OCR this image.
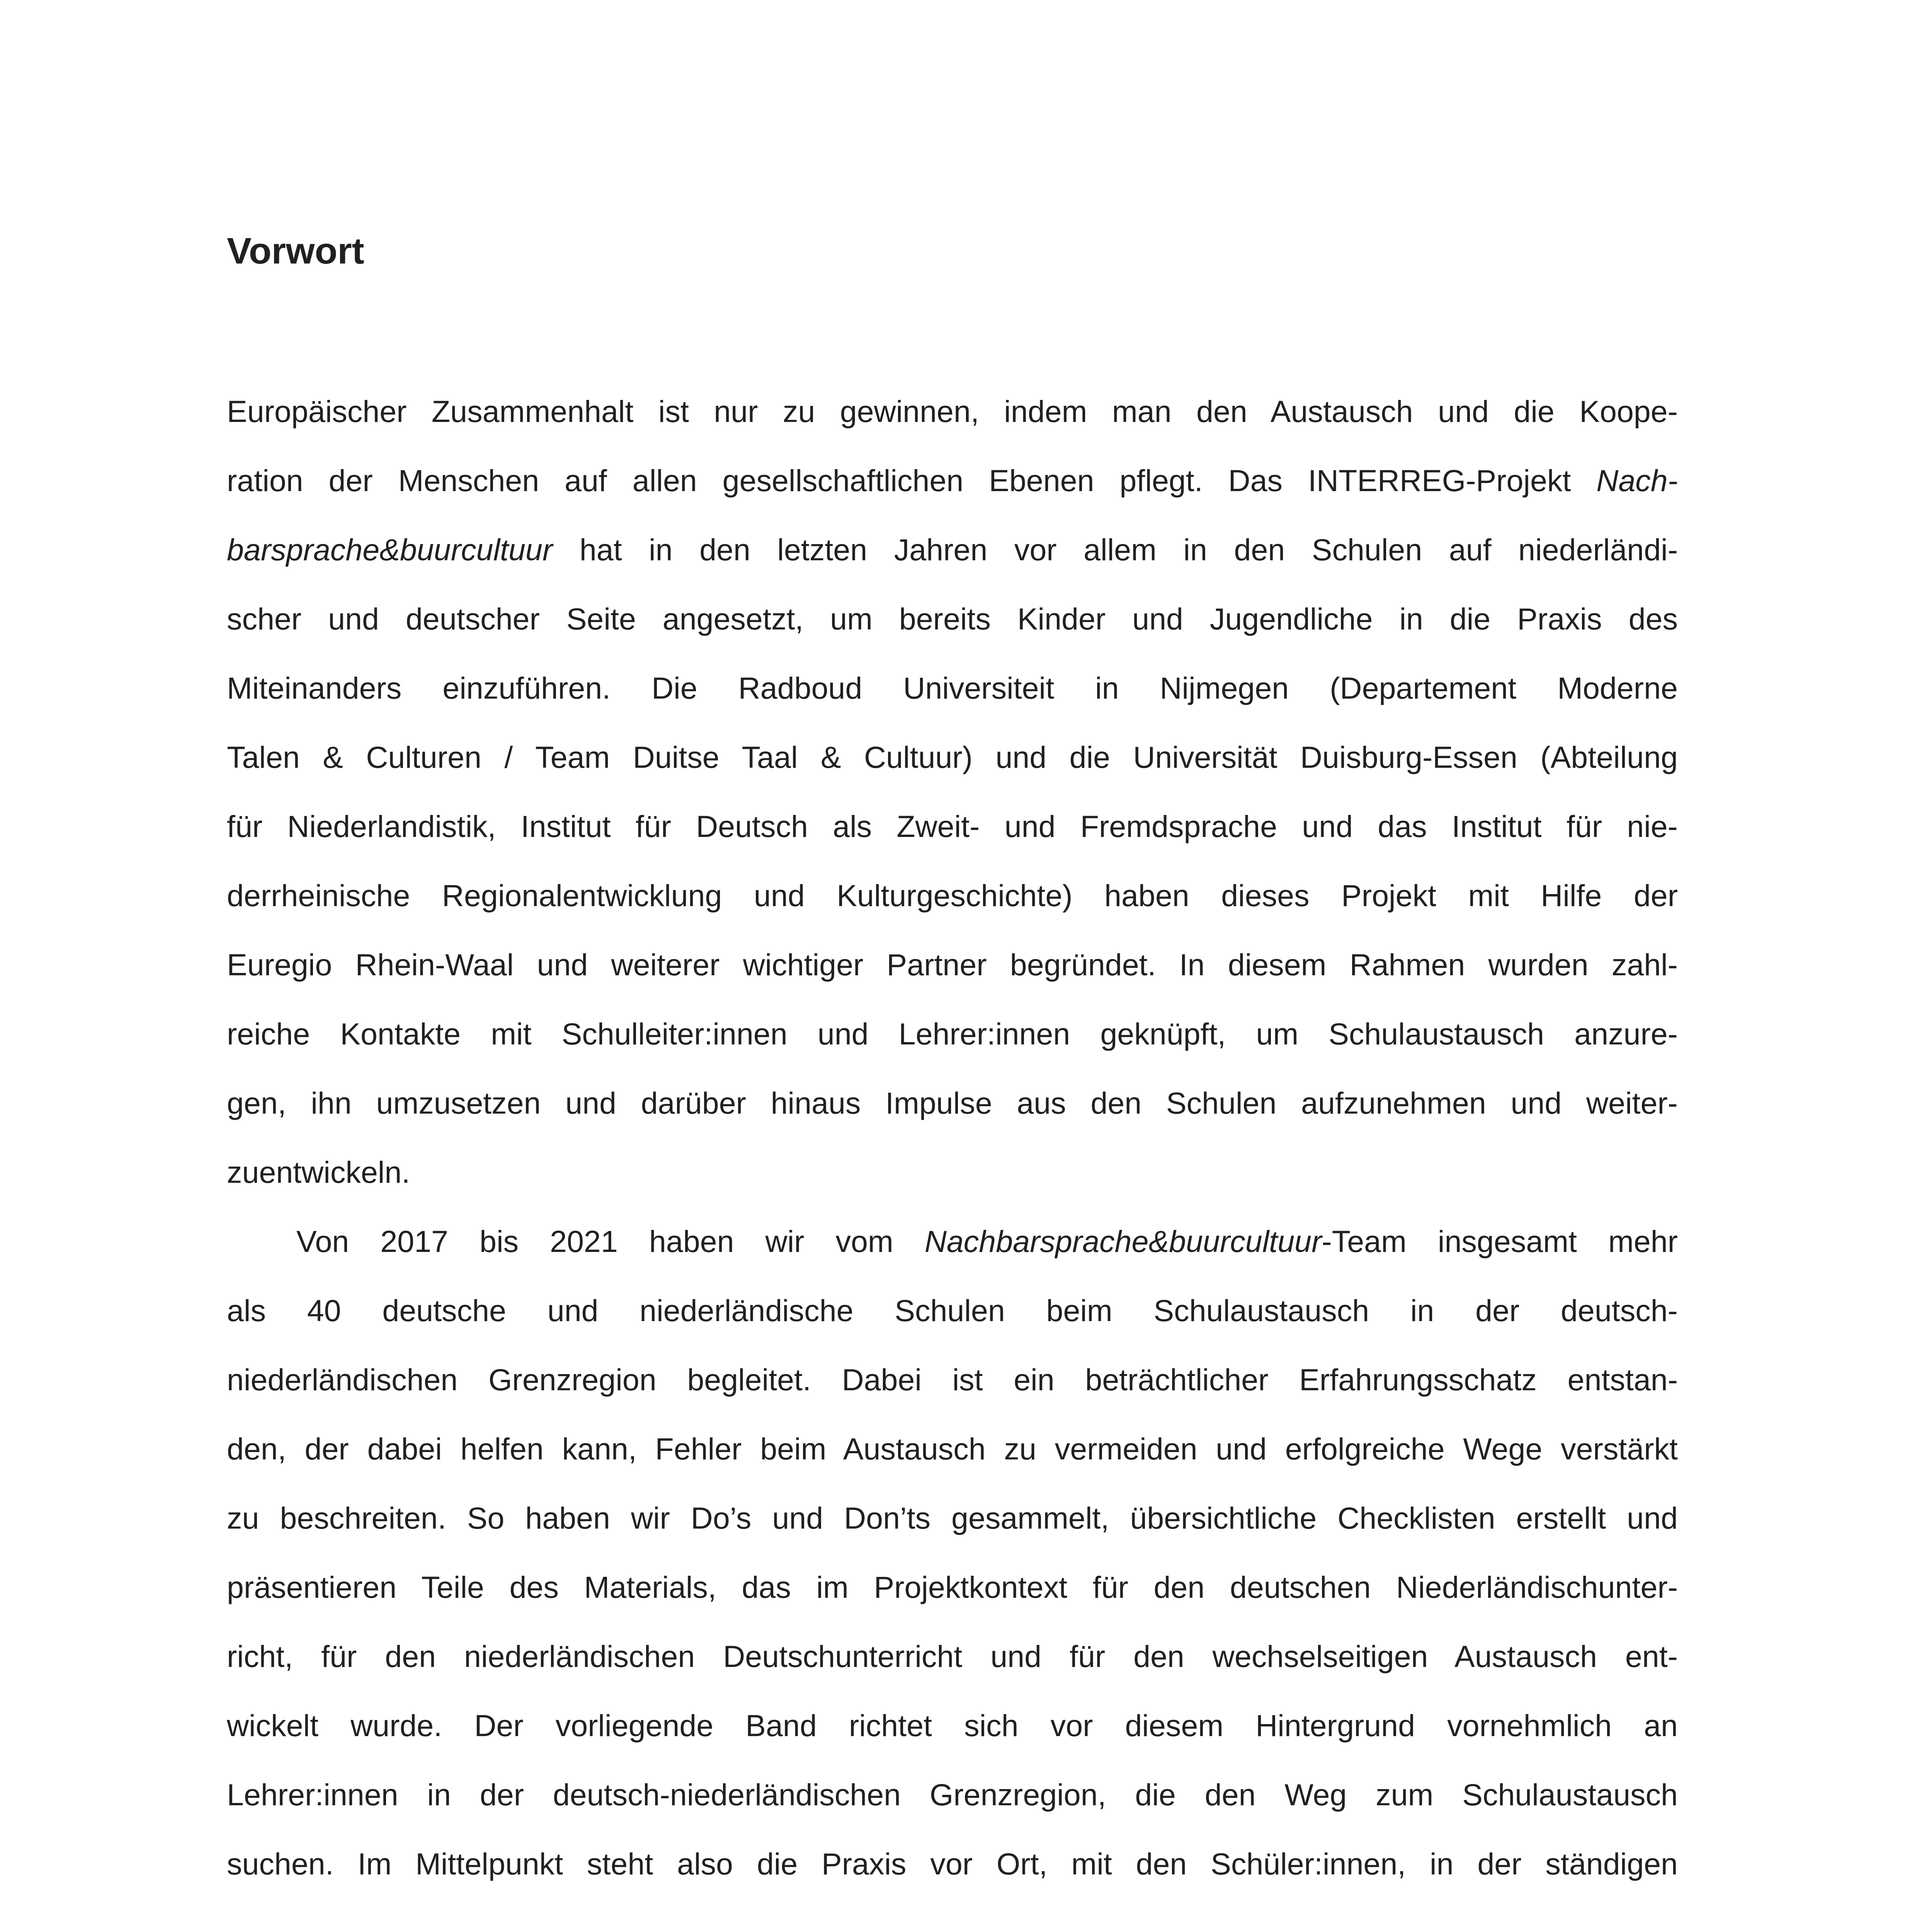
Vorwort
Europäischer Zusammenhalt ist nur zu gewinnen, indem man den Austausch und die Koope-
ration der Menschen auf allen gesellschaftlichen Ebenen pflegt. Das INTERREG-Projekt Nach-
barsprache&buurcultuur hat in den letzten Jahren vor allem in den Schulen auf niederländi-
scher und deutscher Seite angesetzt, um bereits Kinder und Jugendliche in die Praxis des
Miteinanders einzuführen. Die Radboud Universiteit in Nijmegen (Departement Moderne
Talen & Culturen / Team Duitse Taal & Cultuur) und die Universität Duisburg-Essen (Abteilung
für Niederlandistik, Institut für Deutsch als Zweit- und Fremdsprache und das Institut für nie-
derrheinische Regionalentwicklung und Kulturgeschichte) haben dieses Projekt mit Hilfe der
Euregio Rhein-Waal und weiterer wichtiger Partner begründet. In diesem Rahmen wurden zahl-
reiche Kontakte mit Schulleiter:innen und Lehrer:innen geknüpft, um Schulaustausch anzure-
gen, ihn umzusetzen und darüber hinaus Impulse aus den Schulen aufzunehmen und weiter-
zuentwickeln.
Von 2017 bis 2021 haben wir vom Nachbarsprache&buurcultuur-Team insgesamt mehr
als 40 deutsche und niederländische Schulen beim Schulaustausch in der deutsch-
niederländischen Grenzregion begleitet. Dabei ist ein beträchtlicher Erfahrungsschatz entstan-
den, der dabei helfen kann, Fehler beim Austausch zu vermeiden und erfolgreiche Wege verstärkt
zu beschreiten. So haben wir Do’s und Don’ts gesammelt, übersichtliche Checklisten erstellt und
präsentieren Teile des Materials, das im Projektkontext für den deutschen Niederländischunter-
richt, für den niederländischen Deutschunterricht und für den wechselseitigen Austausch ent-
wickelt wurde. Der vorliegende Band richtet sich vor diesem Hintergrund vornehmlich an
Lehrer:innen in der deutsch-niederländischen Grenzregion, die den Weg zum Schulaustausch
suchen. Im Mittelpunkt steht also die Praxis vor Ort, mit den Schüler:innen, in der ständigen
